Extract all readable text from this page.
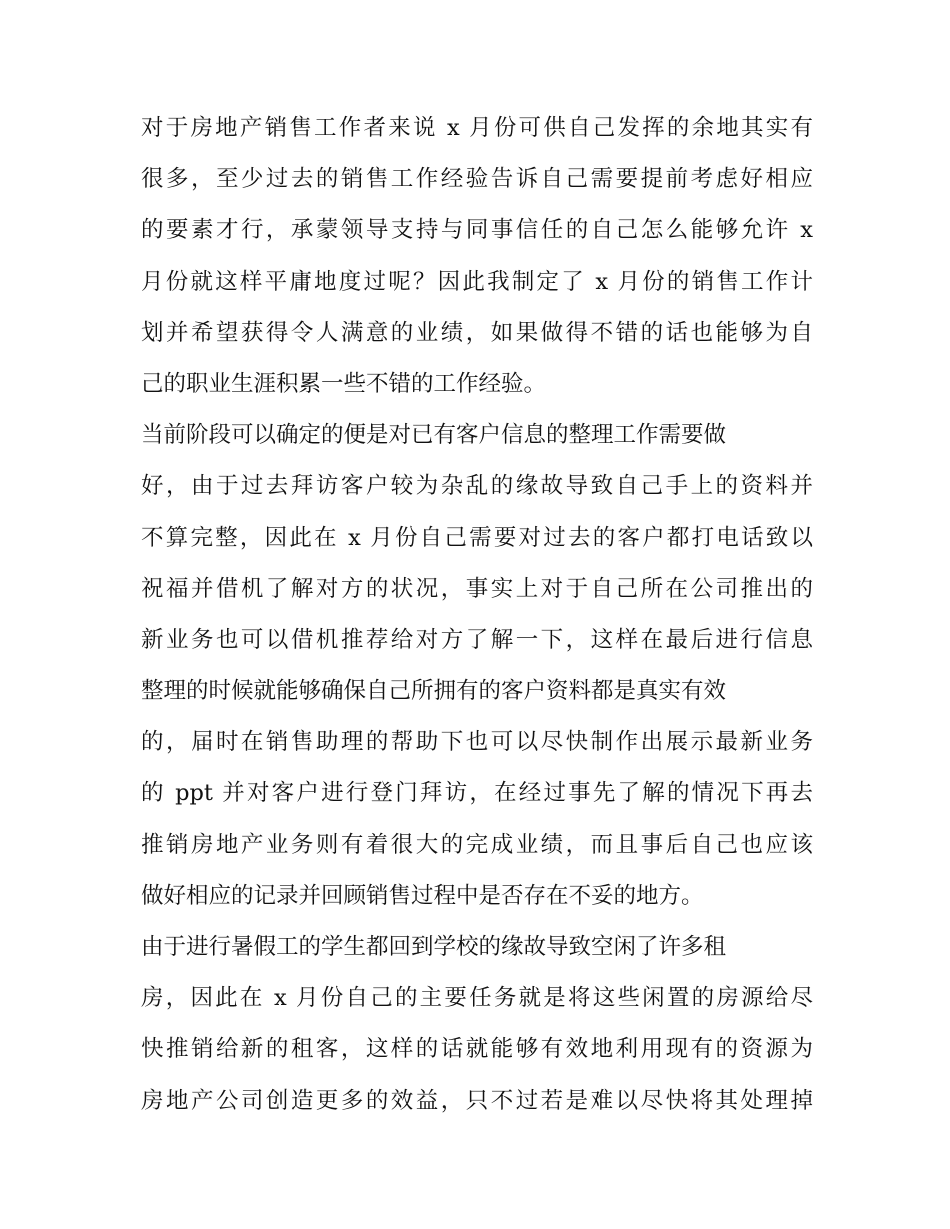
对于房地产销售工作者来说 x 月份可供自己发挥的余地其实有
很多，至少过去的销售工作经验告诉自己需要提前考虑好相应
的要素才行，承蒙领导支持与同事信任的自己怎么能够允许 x
月份就这样平庸地度过呢？因此我制定了 x 月份的销售工作计
划并希望获得令人满意的业绩，如果做得不错的话也能够为自
己的职业生涯积累一些不错的工作经验。
当前阶段可以确定的便是对已有客户信息的整理工作需要做
好，由于过去拜访客户较为杂乱的缘故导致自己手上的资料并
不算完整，因此在 x 月份自己需要对过去的客户都打电话致以
祝福并借机了解对方的状况，事实上对于自己所在公司推出的
新业务也可以借机推荐给对方了解一下，这样在最后进行信息
整理的时候就能够确保自己所拥有的客户资料都是真实有效
的，届时在销售助理的帮助下也可以尽快制作出展示最新业务
的 ppt 并对客户进行登门拜访，在经过事先了解的情况下再去
推销房地产业务则有着很大的完成业绩，而且事后自己也应该
做好相应的记录并回顾销售过程中是否存在不妥的地方。
由于进行暑假工的学生都回到学校的缘故导致空闲了许多租
房，因此在 x 月份自己的主要任务就是将这些闲置的房源给尽
快推销给新的租客，这样的话就能够有效地利用现有的资源为
房地产公司创造更多的效益，只不过若是难以尽快将其处理掉
